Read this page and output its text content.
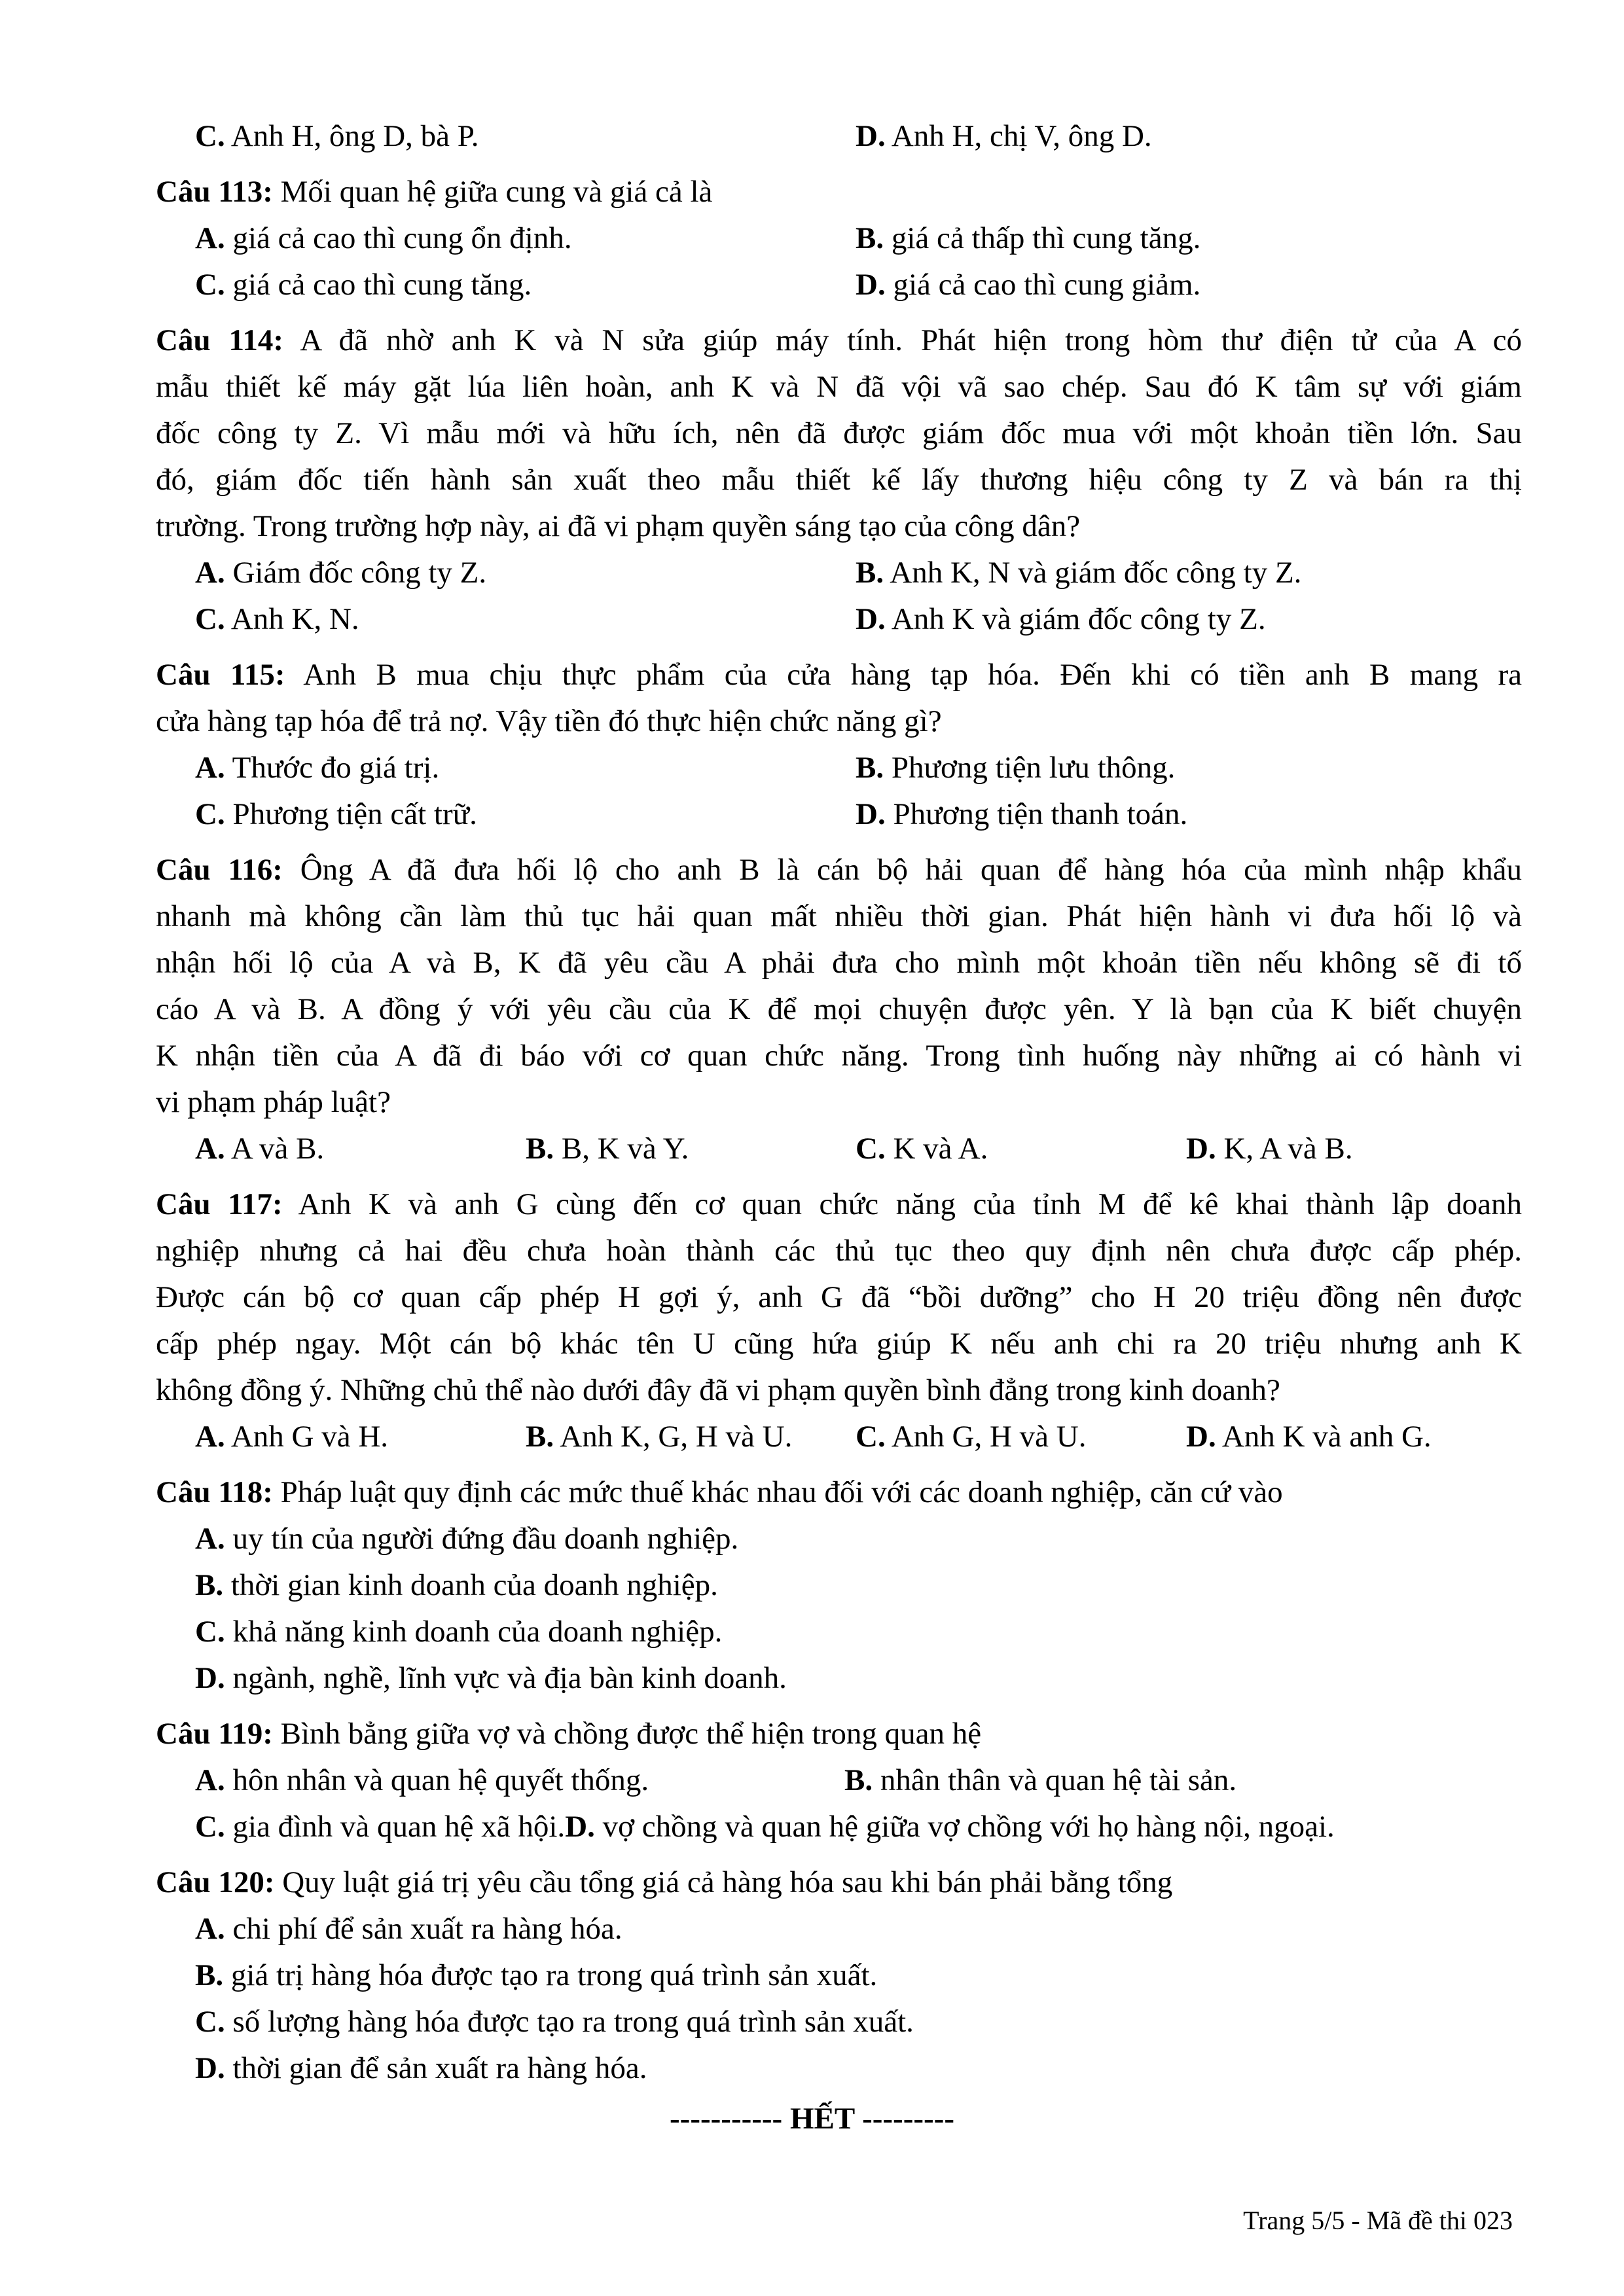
C. Anh H, ông D, bà P.	D. Anh H, chị V, ông D.
Câu 113: Mối quan hệ giữa cung và giá cả là
A. giá cả cao thì cung ổn định.	B. giá cả thấp thì cung tăng.
C. giá cả cao thì cung tăng.	D. giá cả cao thì cung giảm.
Câu 114: A đã nhờ anh K và N sửa giúp máy tính. Phát hiện trong hòm thư điện tử của A có
mẫu thiết kế máy gặt lúa liên hoàn, anh K và N đã vội vã sao chép. Sau đó K tâm sự với giám
đốc công ty Z. Vì mẫu mới và hữu ích, nên đã được giám đốc mua với một khoản tiền lớn. Sau
đó, giám đốc tiến hành sản xuất theo mẫu thiết kế lấy thương hiệu công ty Z và bán ra thị
trường. Trong trường hợp này, ai đã vi phạm quyền sáng tạo của công dân?
A. Giám đốc công ty Z.	B. Anh K, N và giám đốc công ty Z.
C. Anh K, N.	D. Anh K và giám đốc công ty Z.
Câu 115: Anh B mua chịu thực phẩm của cửa hàng tạp hóa. Đến khi có tiền anh B mang ra
cửa hàng tạp hóa để trả nợ. Vậy tiền đó thực hiện chức năng gì?
A. Thước đo giá trị.	B. Phương tiện lưu thông.
C. Phương tiện cất trữ.	D. Phương tiện thanh toán.
Câu 116: Ông A đã đưa hối lộ cho anh B là cán bộ hải quan để hàng hóa của mình nhập khẩu
nhanh mà không cần làm thủ tục hải quan mất nhiều thời gian. Phát hiện hành vi đưa hối lộ và
nhận hối lộ của A và B, K đã yêu cầu A phải đưa cho mình một khoản tiền nếu không sẽ đi tố
cáo A và B. A đồng ý với yêu cầu của K để mọi chuyện được yên. Y là bạn của K biết chuyện
K nhận tiền của A đã đi báo với cơ quan chức năng. Trong tình huống này những ai có hành vi
vi phạm pháp luật?
A. A và B.	B. B, K và Y.	C. K và A.	D. K, A và B.
Câu 117: Anh K và anh G cùng đến cơ quan chức năng của tỉnh M để kê khai thành lập doanh
nghiệp nhưng cả hai đều chưa hoàn thành các thủ tục theo quy định nên chưa được cấp phép.
Được cán bộ cơ quan cấp phép H gợi ý, anh G đã “bồi dưỡng” cho H 20 triệu đồng nên được
cấp phép ngay. Một cán bộ khác tên U cũng hứa giúp K nếu anh chi ra 20 triệu nhưng anh K
không đồng ý. Những chủ thể nào dưới đây đã vi phạm quyền bình đẳng trong kinh doanh?
A. Anh G và H.	B. Anh K, G, H và U. C. Anh G, H và U.	D. Anh K và anh G.
Câu 118: Pháp luật quy định các mức thuế khác nhau đối với các doanh nghiệp, căn cứ vào
A. uy tín của người đứng đầu doanh nghiệp.
B. thời gian kinh doanh của doanh nghiệp.
C. khả năng kinh doanh của doanh nghiệp.
D. ngành, nghề, lĩnh vực và địa bàn kinh doanh.
Câu 119: Bình bẳng giữa vợ và chồng được thể hiện trong quan hệ
A. hôn nhân và quan hệ quyết thống.	B. nhân thân và quan hệ tài sản.
C. gia đình và quan hệ xã hội.D. vợ chồng và quan hệ giữa vợ chồng với họ hàng nội, ngoại.
Câu 120: Quy luật giá trị yêu cầu tổng giá cả hàng hóa sau khi bán phải bằng tổng
A. chi phí để sản xuất ra hàng hóa.
B. giá trị hàng hóa được tạo ra trong quá trình sản xuất.
C. số lượng hàng hóa được tạo ra trong quá trình sản xuất.
D. thời gian để sản xuất ra hàng hóa.
----------- HẾT ---------
Trang 5/5 - Mã đề thi 023
